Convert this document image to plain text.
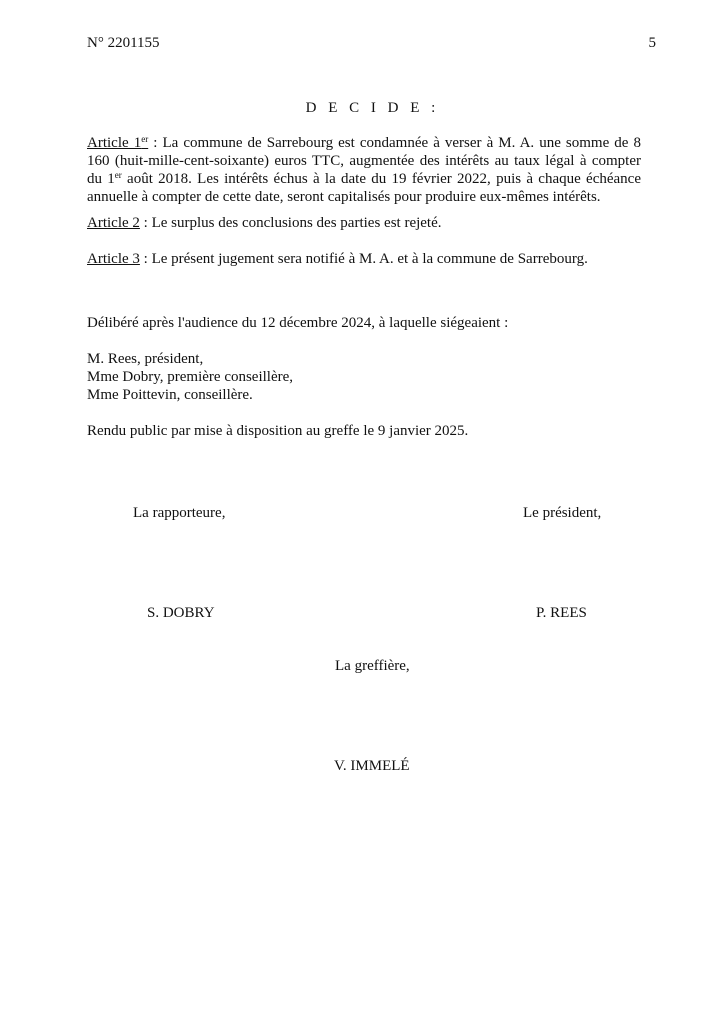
N° 2201155	5
D E C I D E :
Article 1er : La commune de Sarrebourg est condamnée à verser à M. A. une somme de 8 160 (huit-mille-cent-soixante) euros TTC, augmentée des intérêts au taux légal à compter du 1er août 2018. Les intérêts échus à la date du 19 février 2022, puis à chaque échéance annuelle à compter de cette date, seront capitalisés pour produire eux-mêmes intérêts.
Article 2 : Le surplus des conclusions des parties est rejeté.
Article 3 : Le présent jugement sera notifié à M. A. et à la commune de Sarrebourg.
Délibéré après l'audience du 12 décembre 2024, à laquelle siégeaient :
M. Rees, président,
Mme Dobry, première conseillère,
Mme Poittevin, conseillère.
Rendu public par mise à disposition au greffe le 9 janvier 2025.
La rapporteure,	Le président,
S. DOBRY	P. REES
La greffière,
V. IMMELÉ
